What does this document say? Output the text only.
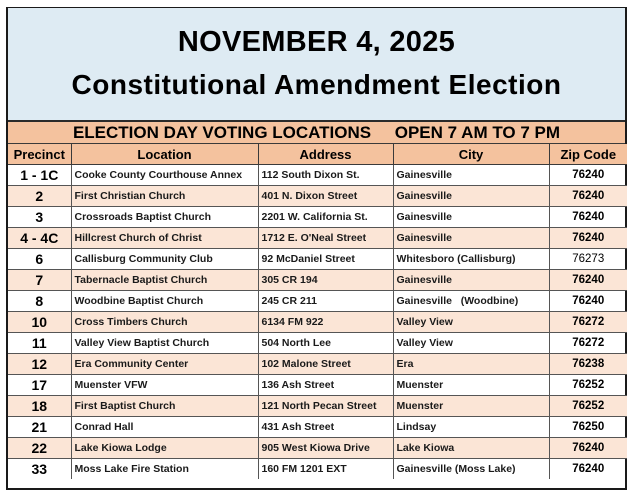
NOVEMBER 4, 2025
Constitutional Amendment Election
ELECTION DAY VOTING LOCATIONS     OPEN 7 AM TO 7 PM
Precinct	Location	Address	City	Zip Code
1 - 1C	Cooke County Courthouse Annex	112 South Dixon St.	Gainesville	76240
2	First Christian Church	401 N. Dixon Street	Gainesville	76240
3	Crossroads Baptist Church	2201 W. California St.	Gainesville	76240
4 - 4C	Hillcrest Church of Christ	1712 E. O'Neal Street	Gainesville	76240
6	Callisburg Community Club	92 McDaniel Street	Whitesboro (Callisburg)	76273
7	Tabernacle Baptist Church	305 CR 194	Gainesville	76240
8	Woodbine Baptist Church	245 CR 211	Gainesville   (Woodbine)	76240
10	Cross Timbers Church	6134 FM 922	Valley View	76272
11	Valley View Baptist Church	504 North Lee	Valley View	76272
12	Era Community Center	102 Malone Street	Era	76238
17	Muenster VFW	136 Ash Street	Muenster	76252
18	First Baptist Church	121 North Pecan Street	Muenster	76252
21	Conrad Hall	431 Ash Street	Lindsay	76250
22	Lake Kiowa Lodge	905 West Kiowa Drive	Lake Kiowa	76240
33	Moss Lake Fire Station	160 FM 1201 EXT	Gainesville (Moss Lake)	76240
